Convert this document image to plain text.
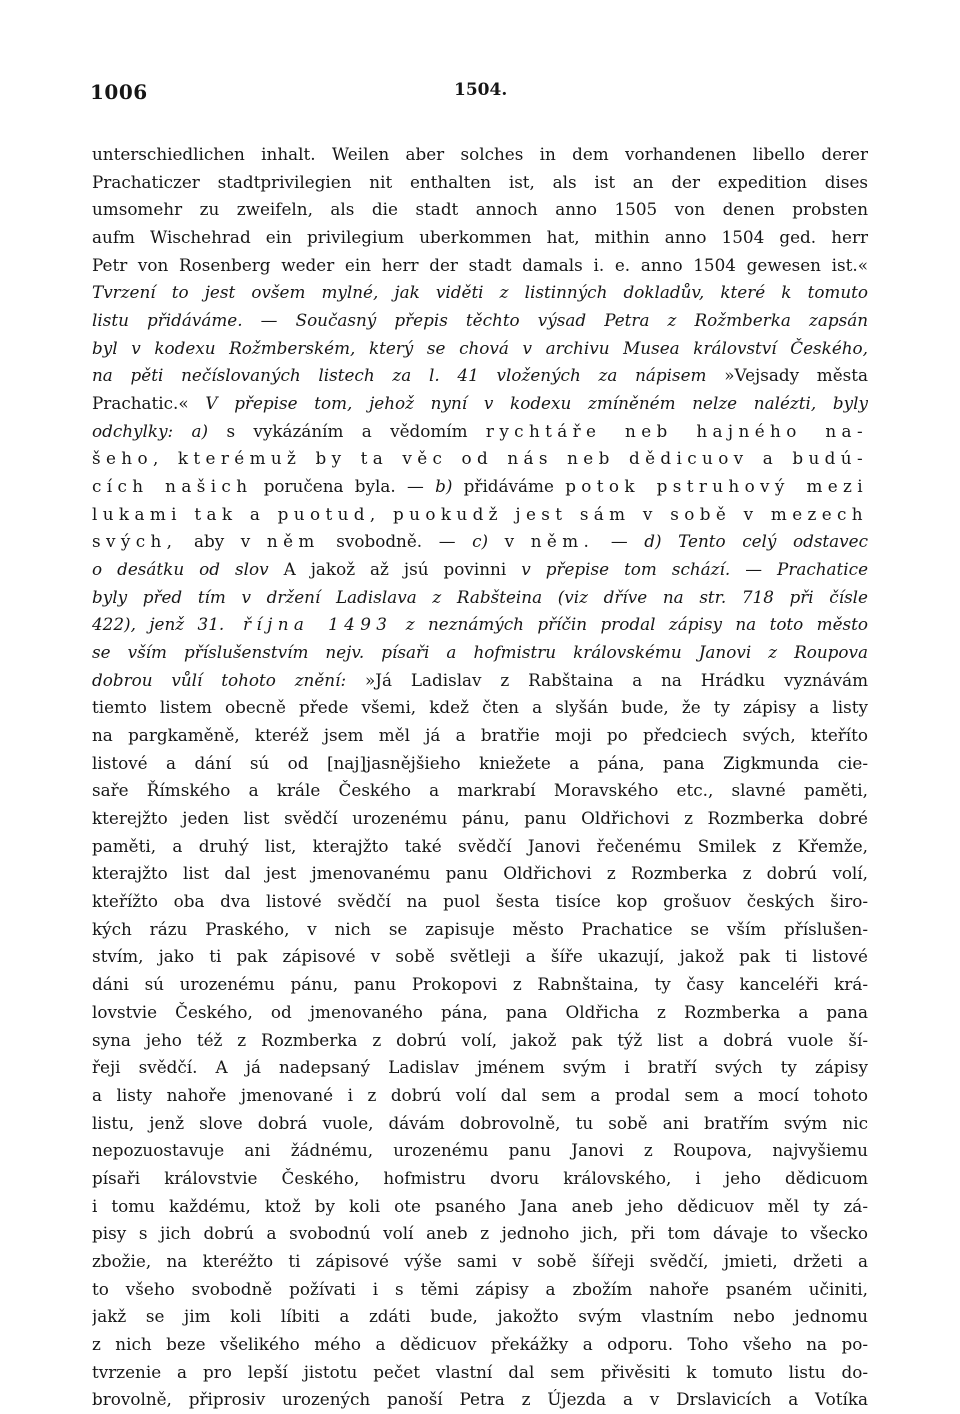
1006	1504.
unterschiedlichen inhalt. Weilen aber solches in dem vorhandenen libello derer
Prachaticzer stadtprivilegien nit enthalten ist, als ist an der expedition dises
umsomehr zu zweifeln, als die stadt annoch anno 1505 von denen probsten
aufm Wischehrad ein privilegium uberkommen hat, mithin anno 1504 ged. herr
Petr von Rosenberg weder ein herr der stadt damals i. e. anno 1504 gewesen ist.«
Tvrzení to jest ovšem mylné, jak viděti z listinných dokladův, které k tomuto
listu přidáváme. — Současný přepis těchto výsad Petra z Rožmberka zapsán
byl v kodexu Rožmberském, který se chová v archivu Musea království Českého,
na pěti nečíslovaných listech za l. 41 vložených za nápisem »Vejsady města
Prachatic.« V přepise tom, jehož nyní v kodexu zmíněném nelze nalézti, byly
odchylky: a) s vykázáním a vědomím rychtáře neb hajného na-
šeho, kterémuž by ta věc od nás neb dědicuov a budú-
cích našich poručena byla. — b) přidáváme potok pstruhový mezi
lukami tak a puotud, puokudž jest sám v sobě v mezech
svých, aby v něm svobodně. — c) v něm. — d) Tento celý odstavec
o desátku od slov A jakož až jsú povinni v přepise tom schází. — Prachatice
byly před tím v držení Ladislava z Rabšteina (viz dříve na str. 718 při čísle
422), jenž 31. října 1493 z neznámých příčin prodal zápisy na toto město
se vším příslušenstvím nejv. písaři a hofmistru královskému Janovi z Roupova
dobrou vůlí tohoto znění: »Já Ladislav z Rabštaina a na Hrádku vyznávám
tiemto listem obecně přede všemi, kdež čten a slyšán bude, že ty zápisy a listy
na pargkaměně, kteréž jsem měl já a bratřie moji po předciech svých, kteříto
listové a dání sú od [naj]jasnějšieho kniežete a pána, pana Zigkmunda cie-
saře Římského a krále Českého a markrabí Moravského etc., slavné paměti,
kterejžto jeden list svědčí urozenému pánu, panu Oldřichovi z Rozmberka dobré
paměti, a druhý list, kterajžto také svědčí Janovi řečenému Smilek z Křemže,
kterajžto list dal jest jmenovanému panu Oldřichovi z Rozmberka z dobrú volí,
kteřížto oba dva listové svědčí na puol šesta tisíce kop grošuov českých širo-
kých rázu Praského, v nich se zapisuje město Prachatice se vším příslušen-
stvím, jako ti pak zápisové v sobě světleji a šíře ukazují, jakož pak ti listové
dáni sú urozenému pánu, panu Prokopovi z Rabnštaina, ty časy kanceléři krá-
lovstvie Českého, od jmenovaného pána, pana Oldřicha z Rozmberka a pana
syna jeho též z Rozmberka z dobrú volí, jakož pak týž list a dobrá vuole ší-
řeji svědčí. A já nadepsaný Ladislav jménem svým i bratří svých ty zápisy
a listy nahoře jmenované i z dobrú volí dal sem a prodal sem a mocí tohoto
listu, jenž slove dobrá vuole, dávám dobrovolně, tu sobě ani bratřím svým nic
nepozuostavuje ani žádnému, urozenému panu Janovi z Roupova, najvyšiemu
písaři královstvie Českého, hofmistru dvoru královského, i jeho dědicuom
i tomu každému, ktož by koli ote psaného Jana aneb jeho dědicuov měl ty zá-
pisy s jich dobrú a svobodnú volí aneb z jednoho jich, při tom dávaje to všecko
zbožie, na kteréžto ti zápisové výše sami v sobě šířeji svědčí, jmieti, držeti a
to všeho svobodně požívati i s těmi zápisy a zbožím nahoře psaném učiniti,
jakž se jim koli líbiti a zdáti bude, jakožto svým vlastním nebo jednomu
z nich beze všelikého mého a dědicuov překážky a odporu. Toho všeho na po-
tvrzenie a pro lepší jistotu pečet vlastní dal sem přivěsiti k tomuto listu do-
brovolně, připrosiv urozených panoší Petra z Újezda a v Drslavicích a Votíka
